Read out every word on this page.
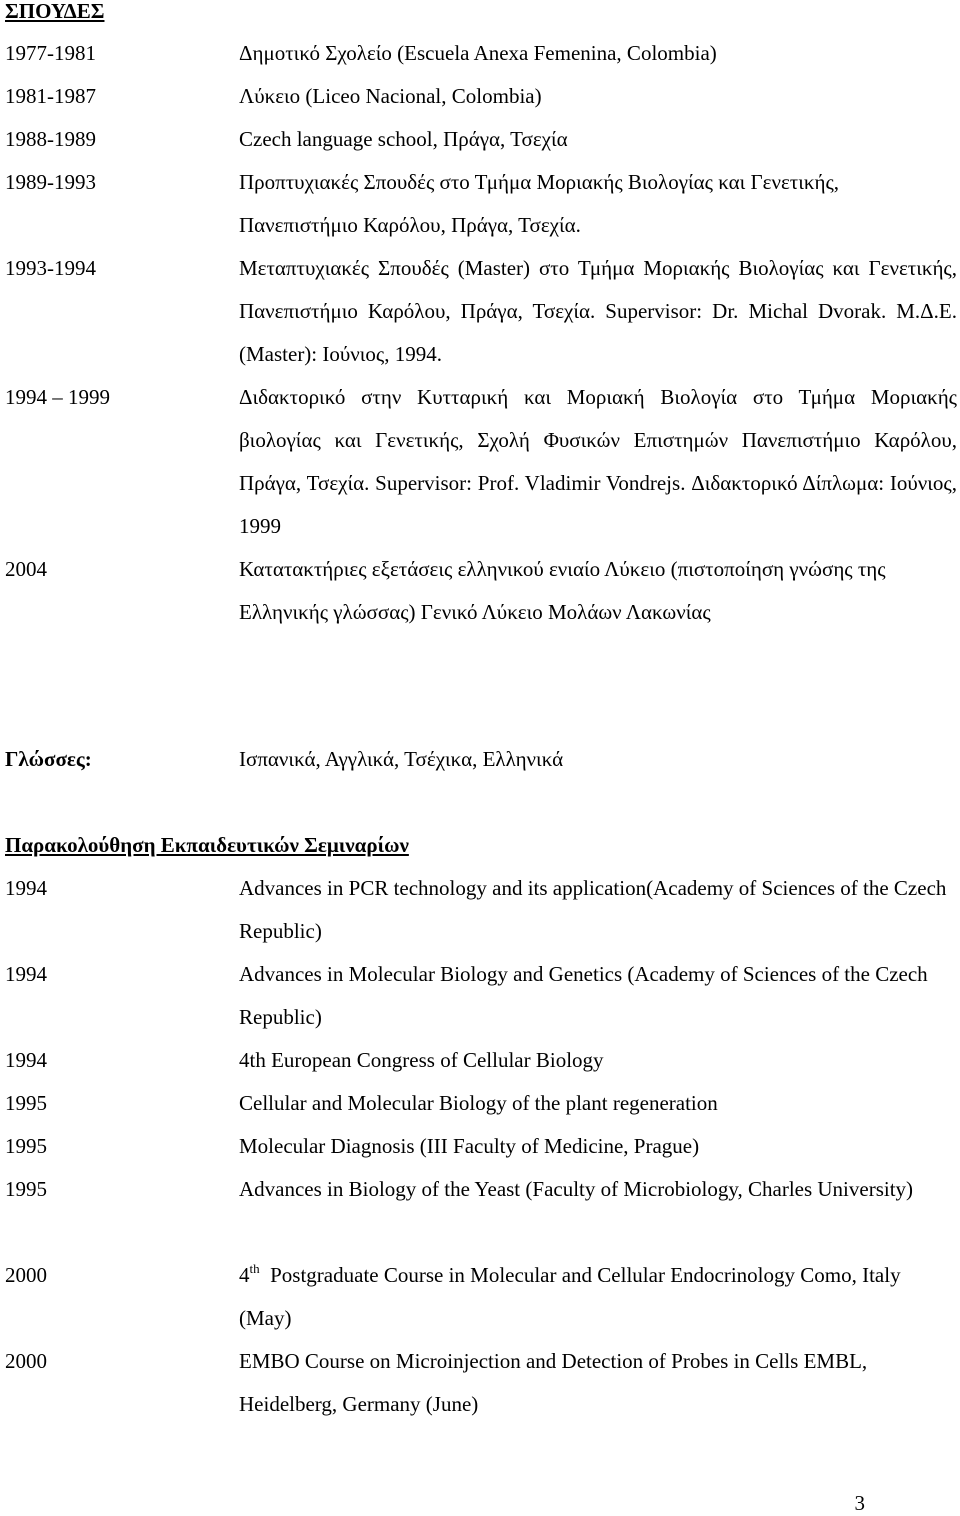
ΣΠΟΥΔΕΣ
1977-1981	Δημοτικό Σχολείο (Escuela Anexa Femenina, Colombia)
1981-1987	Λύκειο (Liceo Nacional, Colombia)
1988-1989	Czech language school, Πράγα, Τσεχία
1989-1993	Προπτυχιακές Σπουδές στο Τμήμα Μοριακής Βιολογίας και Γενετικής, Πανεπιστήμιο Καρόλου, Πράγα, Τσεχία.
1993-1994	Μεταπτυχιακές Σπουδές (Master) στο Τμήμα Μοριακής Βιολογίας και Γενετικής, Πανεπιστήμιο Καρόλου, Πράγα, Τσεχία. Supervisor: Dr. Michal Dvorak. Μ.Δ.Ε. (Master): Ιούνιος, 1994.
1994 – 1999	Διδακτορικό στην Κυτταρική και Μοριακή Βιολογία στο Τμήμα Μοριακής βιολογίας και Γενετικής, Σχολή Φυσικών Επιστημών Πανεπιστήμιο Καρόλου, Πράγα, Τσεχία. Supervisor: Prof. Vladimir Vondrejs. Διδακτορικό Δίπλωμα: Ιούνιος, 1999
2004	Κατατακτήριες εξετάσεις ελληνικού ενιαίο Λύκειο (πιστοποίηση γνώσης της Ελληνικής γλώσσας) Γενικό Λύκειο Μολάων Λακωνίας
Γλώσσες:	Ισπανικά, Αγγλικά, Τσέχικα, Ελληνικά
Παρακολούθηση Εκπαιδευτικών Σεμιναρίων
1994	Advances in PCR technology and its application(Academy of Sciences of the Czech Republic)
1994	Advances in Molecular Biology and Genetics (Academy of Sciences of the Czech Republic)
1994	4th European Congress of Cellular Biology
1995	Cellular and Molecular Biology of the plant regeneration
1995	Molecular Diagnosis (III Faculty of Medicine, Prague)
1995	Advances in Biology of the Yeast (Faculty of Microbiology, Charles University)
2000	4th  Postgraduate Course in Molecular and Cellular Endocrinology Como, Italy (May)
2000	EMBO Course on Microinjection and Detection of Probes in Cells EMBL, Heidelberg, Germany (June)
3
